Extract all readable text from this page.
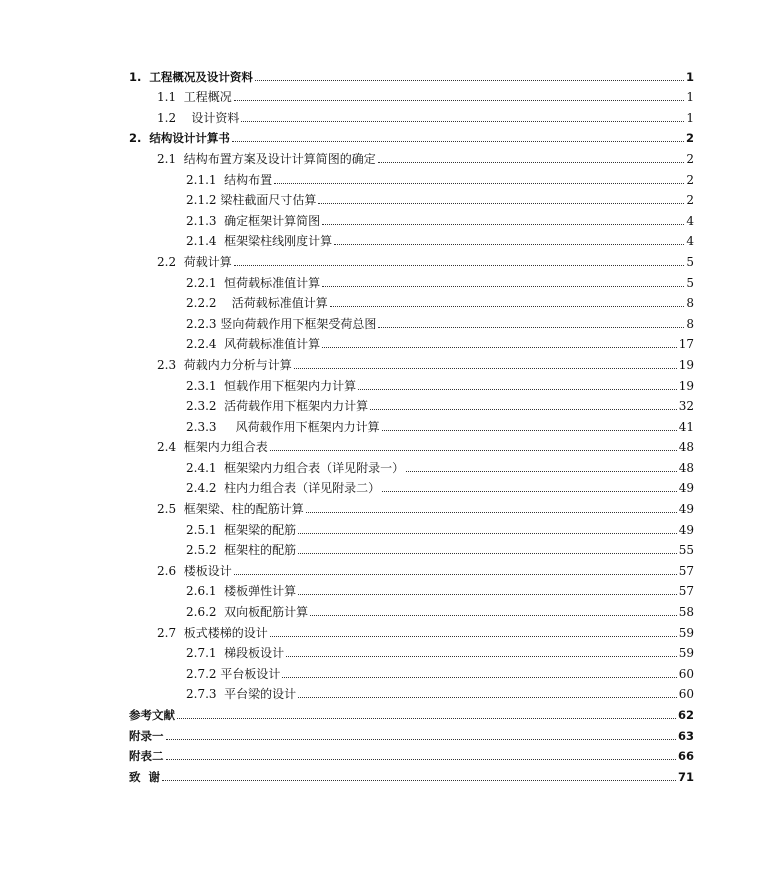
1. 工程概况及设计资料	1
1.1 工程概况	1
1.2 设计资料	1
2. 结构设计计算书	2
2.1 结构布置方案及设计计算简图的确定	2
2.1.1 结构布置	2
2.1.2 梁柱截面尺寸估算	2
2.1.3 确定框架计算简图	4
2.1.4 框架梁柱线刚度计算	4
2.2 荷载计算	5
2.2.1 恒荷载标准值计算	5
2.2.2 活荷载标准值计算	8
2.2.3 竖向荷载作用下框架受荷总图	8
2.2.4 风荷载标准值计算	17
2.3 荷载内力分析与计算	19
2.3.1 恒载作用下框架内力计算	19
2.3.2 活荷载作用下框架内力计算	32
2.3.3 风荷载作用下框架内力计算	41
2.4 框架内力组合表	48
2.4.1 框架梁内力组合表（详见附录一）	48
2.4.2 柱内力组合表（详见附录二）	49
2.5 框架梁、柱的配筋计算	49
2.5.1 框架梁的配筋	49
2.5.2 框架柱的配筋	55
2.6 楼板设计	57
2.6.1 楼板弹性计算	57
2.6.2 双向板配筋计算	58
2.7 板式楼梯的设计	59
2.7.1 梯段板设计	59
2.7.2 平台板设计	60
2.7.3 平台梁的设计	60
参考文献	62
附录一	63
附表二	66
致  谢	71
